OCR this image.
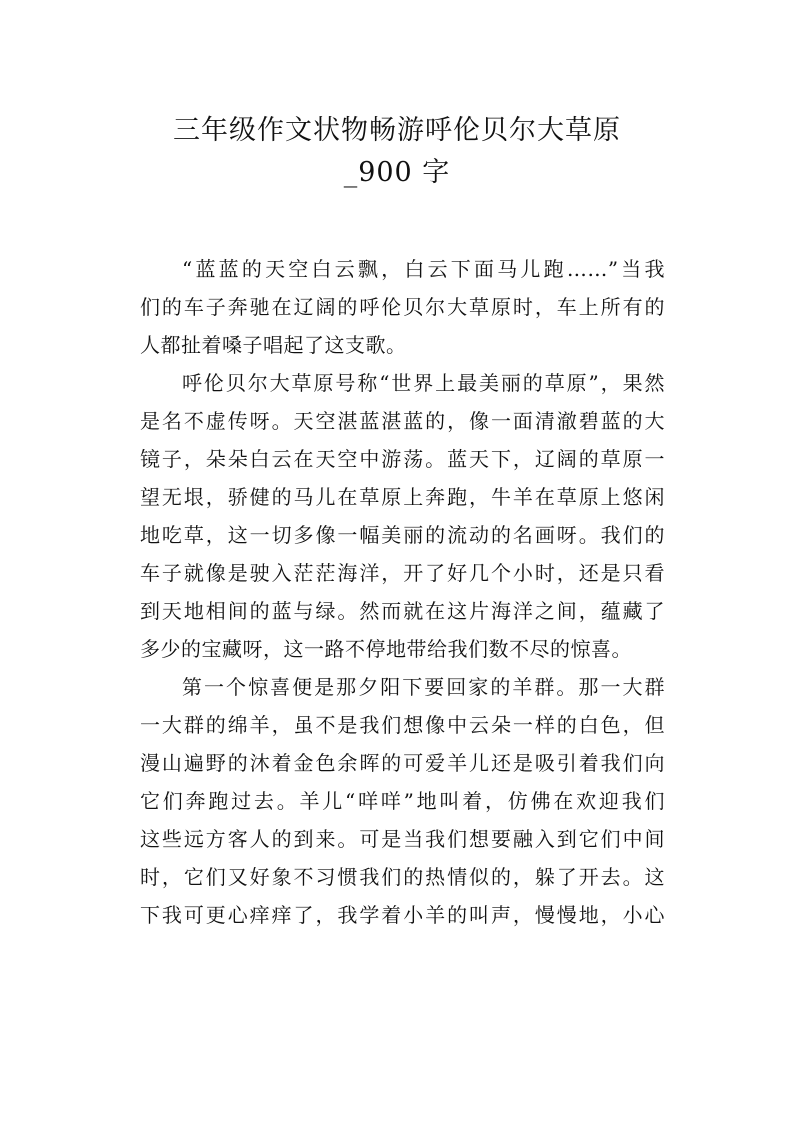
三年级作文状物畅游呼伦贝尔大草原
_900 字
“蓝蓝的天空白云飘，白云下面马儿跑……”当我
们的车子奔驰在辽阔的呼伦贝尔大草原时，车上所有的
人都扯着嗓子唱起了这支歌。
呼伦贝尔大草原号称“世界上最美丽的草原”，果然
是名不虚传呀。天空湛蓝湛蓝的，像一面清澈碧蓝的大
镜子，朵朵白云在天空中游荡。蓝天下，辽阔的草原一
望无垠，骄健的马儿在草原上奔跑，牛羊在草原上悠闲
地吃草，这一切多像一幅美丽的流动的名画呀。我们的
车子就像是驶入茫茫海洋，开了好几个小时，还是只看
到天地相间的蓝与绿。然而就在这片海洋之间，蕴藏了
多少的宝藏呀，这一路不停地带给我们数不尽的惊喜。
第一个惊喜便是那夕阳下要回家的羊群。那一大群
一大群的绵羊，虽不是我们想像中云朵一样的白色，但
漫山遍野的沐着金色余晖的可爱羊儿还是吸引着我们向
它们奔跑过去。羊儿“咩咩”地叫着，仿佛在欢迎我们
这些远方客人的到来。可是当我们想要融入到它们中间
时，它们又好象不习惯我们的热情似的，躲了开去。这
下我可更心痒痒了，我学着小羊的叫声，慢慢地，小心
